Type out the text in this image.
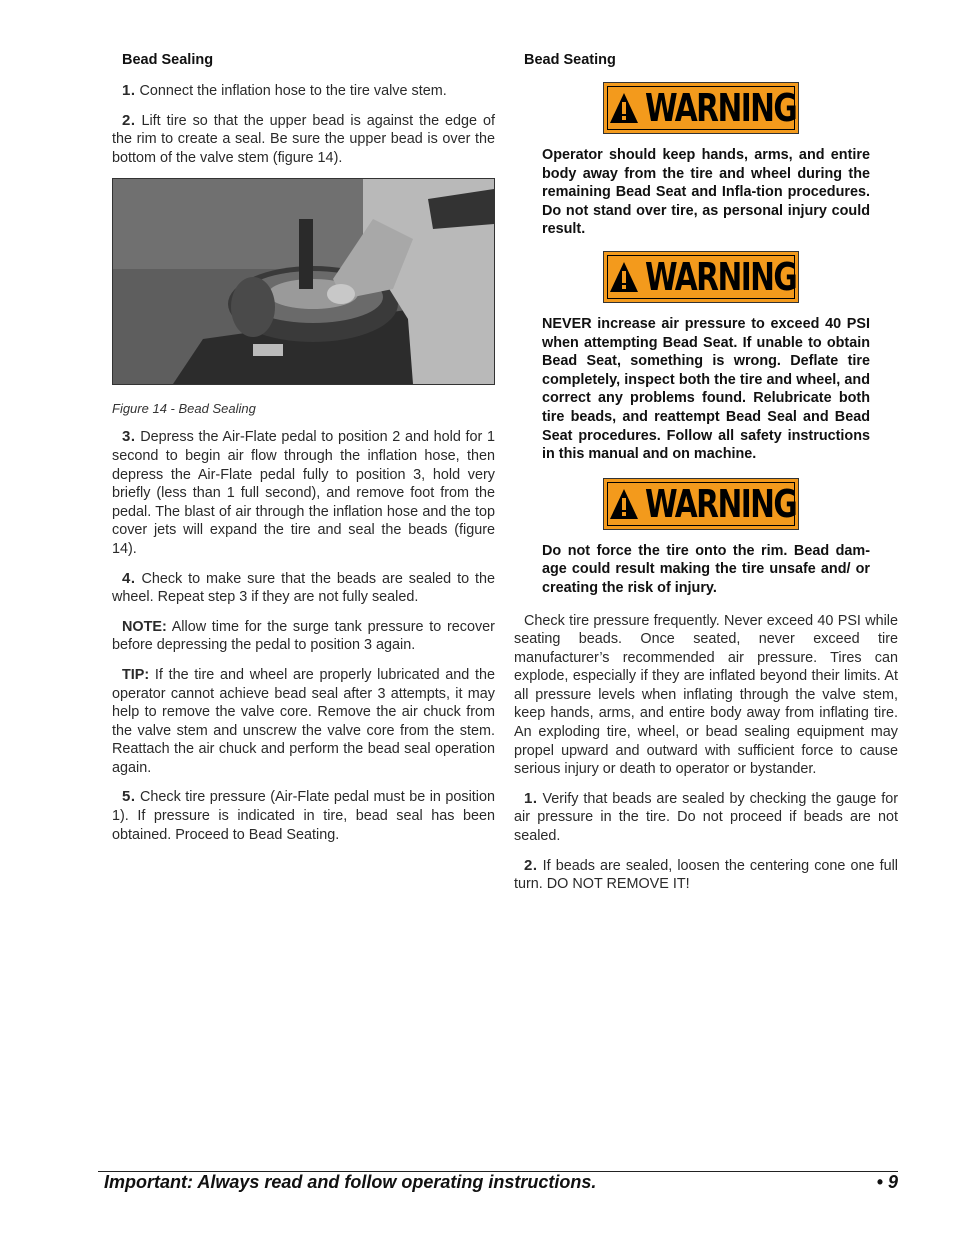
Bead Sealing

1. Connect the inflation hose to the tire valve stem.

2. Lift tire so that the upper bead is against the edge of the rim to create a seal. Be sure the upper bead is over the bottom of the valve stem (figure 14).

Figure 14 - Bead Sealing

3. Depress the Air-Flate pedal to position 2 and hold for 1 second to begin air flow through the inflation hose, then depress the Air-Flate pedal fully to position 3, hold very briefly (less than 1 full second), and remove foot from the pedal. The blast of air through the inflation hose and the top cover jets will expand the tire and seal the beads (figure 14).

4. Check to make sure that the beads are sealed to the wheel. Repeat step 3 if they are not fully sealed.

NOTE: Allow time for the surge tank pressure to recover before depressing the pedal to position 3 again.

TIP: If the tire and wheel are properly lubricated and the operator cannot achieve bead seal after 3 attempts, it may help to remove the valve core. Remove the air chuck from the valve stem and unscrew the valve core from the stem. Reattach the air chuck and perform the bead seal operation again.

5. Check tire pressure (Air-Flate pedal must be in position 1). If pressure is indicated in tire, bead seal has been obtained. Proceed to Bead Seating.

Bead Seating
WARNING
Operator should keep hands, arms, and entire body away from the tire and wheel during the remaining Bead Seat and Infla-tion procedures. Do not stand over tire, as personal injury could result.
WARNING
NEVER increase air pressure to exceed 40 PSI when attempting Bead Seat. If unable to obtain Bead Seat, something is wrong. Deflate tire completely, inspect both the tire and wheel, and correct any problems found. Relubricate both tire beads, and reattempt Bead Seal and Bead Seat procedures. Follow all safety instructions in this manual and on machine.
WARNING
Do not force the tire onto the rim. Bead dam-age could result making the tire unsafe and/ or creating the risk of injury.

Check tire pressure frequently. Never exceed 40 PSI while seating beads. Once seated, never exceed tire manufacturer’s recommended air pressure. Tires can explode, especially if they are inflated beyond their limits. At all pressure levels when inflating through the valve stem, keep hands, arms, and entire body away from inflating tire. An exploding tire, wheel, or bead sealing equipment may propel upward and outward with sufficient force to cause serious injury or death to operator or bystander.

1. Verify that beads are sealed by checking the gauge for air pressure in the tire. Do not proceed if beads are not sealed.

2. If beads are sealed, loosen the centering cone one full turn. DO NOT REMOVE IT!

Important: Always read and follow operating instructions.	• 9
